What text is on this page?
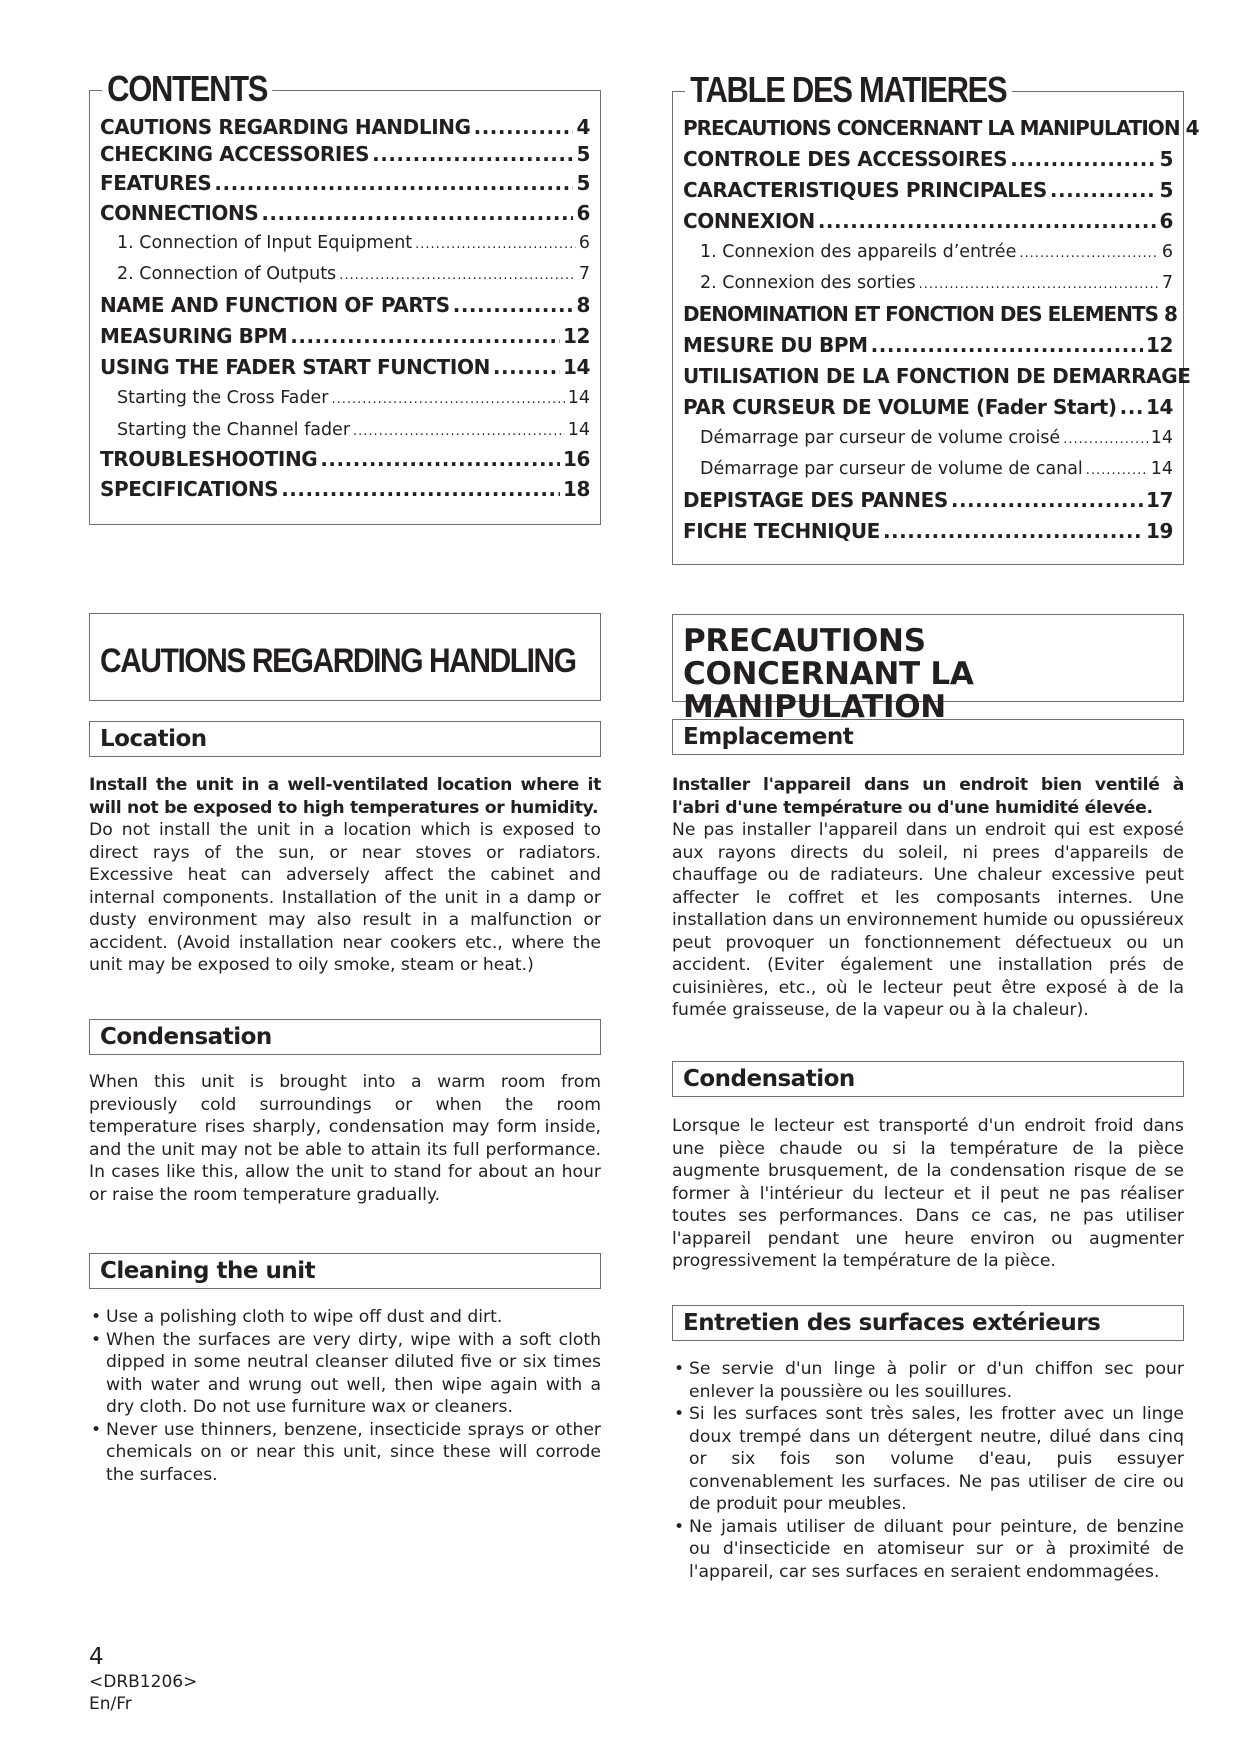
CONTENTS
CAUTIONS REGARDING HANDLING .....	4
CHECKING ACCESSORIES .....	5
FEATURES .....	5
CONNECTIONS .....	6
1. Connection of Input Equipment .....	6
2. Connection of Outputs .....	7
NAME AND FUNCTION OF PARTS .....	8
MEASURING BPM .....	12
USING THE FADER START FUNCTION .....	14
Starting the Cross Fader .....	14
Starting the Channel fader .....	14
TROUBLESHOOTING .....	16
SPECIFICATIONS .....	18
CAUTIONS REGARDING HANDLING
Location

Install the unit in a well-ventilated location where it will not be exposed to high temperatures or humidity.

Do not install the unit in a location which is exposed to direct rays of the sun, or near stoves or radiators. Excessive heat can adversely affect the cabinet and internal components. Installation of the unit in a damp or dusty environment may also result in a malfunction or accident. (Avoid installation near cookers etc., where the unit may be exposed to oily smoke, steam or heat.)

Condensation

When this unit is brought into a warm room from previously cold surroundings or when the room temperature rises sharply, condensation may form inside, and the unit may not be able to attain its full performance. In cases like this, allow the unit to stand for about an hour or raise the room temperature gradually.

Cleaning the unit
• Use a polishing cloth to wipe off dust and dirt.
• When the surfaces are very dirty, wipe with a soft cloth dipped in some neutral cleanser diluted five or six times with water and wrung out well, then wipe again with a dry cloth. Do not use furniture wax or cleaners.
• Never use thinners, benzene, insecticide sprays or other chemicals on or near this unit, since these will corrode the surfaces.
TABLE DES MATIERES
PRECAUTIONS CONCERNANT LA MANIPULATION 4
CONTROLE DES ACCESSOIRES .....	5
CARACTERISTIQUES PRINCIPALES .....	5
CONNEXION .....	6
1. Connexion des appareils d’entrée .....	6
2. Connexion des sorties .....	7
DENOMINATION ET FONCTION DES ELEMENTS 8
MESURE DU BPM .....	12
UTILISATION DE LA FONCTION DE DEMARRAGE
PAR CURSEUR DE VOLUME (Fader Start) ..... 14
Démarrage par curseur de volume croisé .....	14
Démarrage par curseur de volume de canal .....	14
DEPISTAGE DES PANNES .....	17
FICHE TECHNIQUE .....	19
PRECAUTIONS CONCERNANT LA MANIPULATION
Emplacement

Installer l'appareil dans un endroit bien ventilé à l'abri d'une température ou d'une humidité élevée.

Ne pas installer l'appareil dans un endroit qui est exposé aux rayons directs du soleil, ni prees d'appareils de chauffage ou de radiateurs. Une chaleur excessive peut affecter le coffret et les composants internes. Une installation dans un environnement humide ou opussiéreux peut provoquer un fonctionnement défectueux ou un accident. (Eviter également une installation prés de cuisinières, etc., où le lecteur peut être exposé à de la fumée graisseuse, de la vapeur ou à la chaleur).

Condensation

Lorsque le lecteur est transporté d'un endroit froid dans une pièce chaude ou si la température de la pièce augmente brusquement, de la condensation risque de se former à l'intérieur du lecteur et il peut ne pas réaliser toutes ses performances. Dans ce cas, ne pas utiliser l'appareil pendant une heure environ ou augmenter progressivement la température de la pièce.

Entretien des surfaces extérieurs
• Se servie d'un linge à polir or d'un chiffon sec pour enlever la poussière ou les souillures.
• Si les surfaces sont très sales, les frotter avec un linge doux trempé dans un détergent neutre, dilué dans cinq or six fois son volume d'eau, puis essuyer convenablement les surfaces. Ne pas utiliser de cire ou de produit pour meubles.
• Ne jamais utiliser de diluant pour peinture, de benzine ou d'insecticide en atomiseur sur or à proximité de l'appareil, car ses surfaces en seraient endommagées.
4
<DRB1206>
En/Fr
